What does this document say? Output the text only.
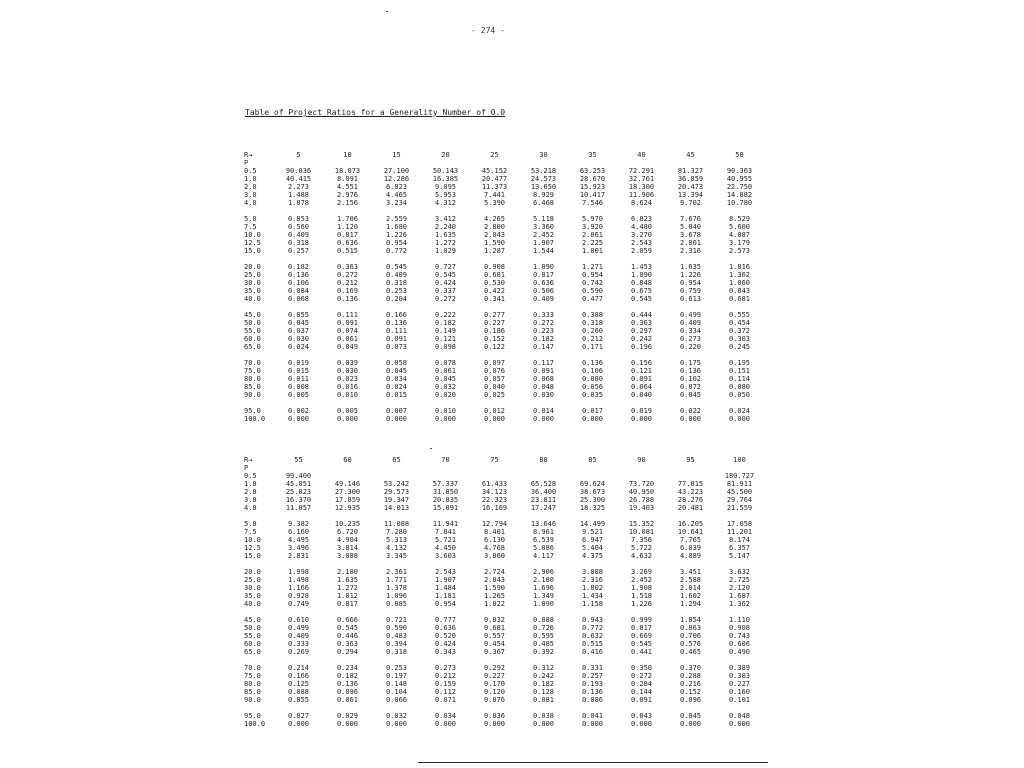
- 274 -
Table of Project Ratios for a Generality Number of 0.0
R→	5	10	15	20	25	30	35	40	45	50
P										
0.5	90.036	18.073	27.100	50.143	45.152	53.218	63.253	72.291	81.327	90.363
1.0	40.415	8.091	12.286	16.385	20.477	24.573	28.670	32.761	36.859	40.955
2.0	2.273	4.551	6.823	9.095	11.373	13.650	15.923	18.300	20.473	22.750
3.0	1.488	2.976	4.465	5.953	7.441	8.929	10.417	11.906	13.394	14.882
4.0	1.078	2.156	3.234	4.312	5.390	6.468	7.546	8.624	9.702	10.780

5.0	0.853	1.706	2.559	3.412	4.265	5.118	5.970	6.823	7.676	8.529
7.5	0.560	1.120	1.680	2.240	2.800	3.360	3.920	4.480	5.040	5.600
10.0	0.409	0.817	1.226	1.635	2.043	2.452	2.861	3.270	3.678	4.087
12.5	0.318	0.636	0.954	1.272	1.590	1.907	2.225	2.543	2.861	3.179
15.0	0.257	0.515	0.772	1.029	1.287	1.544	1.801	2.059	2.316	2.573

20.0	0.182	0.363	0.545	0.727	0.908	1.090	1.271	1.453	1.635	1.816
25.0	0.136	0.272	0.409	0.545	0.681	0.817	0.954	1.090	1.226	1.362
30.0	0.106	0.212	0.318	0.424	0.530	0.636	0.742	0.848	0.954	1.060
35.0	0.084	0.169	0.253	0.337	0.422	0.506	0.590	0.675	0.759	0.843
40.0	0.068	0.136	0.204	0.272	0.341	0.409	0.477	0.545	0.613	0.681

45.0	0.055	0.111	0.166	0.222	0.277	0.333	0.388	0.444	0.499	0.555
50.0	0.045	0.091	0.136	0.182	0.227	0.272	0.318	0.363	0.409	0.454
55.0	0.037	0.074	0.111	0.149	0.186	0.223	0.260	0.297	0.334	0.372
60.0	0.030	0.061	0.091	0.121	0.152	0.182	0.212	0.242	0.273	0.303
65.0	0.024	0.049	0.073	0.098	0.122	0.147	0.171	0.196	0.220	0.245

70.0	0.019	0.039	0.058	0.078	0.097	0.117	0.136	0.156	0.175	0.195
75.0	0.015	0.030	0.045	0.061	0.076	0.091	0.106	0.121	0.136	0.151
80.0	0.011	0.023	0.034	0.045	0.057	0.068	0.080	0.091	0.102	0.114
85.0	0.008	0.016	0.024	0.032	0.040	0.048	0.056	0.064	0.072	0.080
90.0	0.005	0.010	0.015	0.020	0.025	0.030	0.035	0.040	0.045	0.050

95.0	0.002	0.005	0.007	0.010	0.012	0.014	0.017	0.019	0.022	0.024
100.0	0.000	0.000	0.000	0.000	0.000	0.000	0.000	0.000	0.000	0.000
R→	55	60	65	70	75	80	85	90	95	100
P										
0.5	99.400									180.727
1.0	45.051	49.146	53.242	57.337	61.433	65.528	69.624	73.720	77.815	81.911
2.0	25.023	27.300	29.573	31.850	34.123	36.400	38.673	40.950	43.223	45.500
3.0	16.370	17.859	19.347	20.835	22.323	23.811	25.300	26.788	28.276	29.764
4.0	11.857	12.935	14.013	15.091	16.169	17.247	18.325	19.403	20.481	21.559

5.0	9.382	10.235	11.088	11.941	12.794	13.646	14.499	15.352	16.205	17.058
7.5	6.160	6.720	7.280	7.841	8.401	8.961	9.521	10.081	10.641	11.201
10.0	4.495	4.904	5.313	5.721	6.130	6.539	6.947	7.356	7.765	8.174
12.5	3.496	3.814	4.132	4.450	4.768	5.086	5.404	5.722	6.039	6.357
15.0	2.831	3.088	3.345	3.603	3.860	4.117	4.375	4.632	4.889	5.147

20.0	1.998	2.180	2.361	2.543	2.724	2.906	3.088	3.269	3.451	3.632
25.0	1.498	1.635	1.771	1.907	2.043	2.180	2.316	2.452	2.588	2.725
30.0	1.166	1.272	1.378	1.484	1.590	1.696	1.802	1.908	2.014	2.120
35.0	0.928	1.012	1.096	1.181	1.265	1.349	1.434	1.518	1.602	1.687
40.0	0.749	0.817	0.885	0.954	1.022	1.090	1.158	1.226	1.294	1.362

45.0	0.610	0.666	0.721	0.777	0.832	0.888	0.943	0.999	1.054	1.110
50.0	0.499	0.545	0.590	0.636	0.681	0.726	0.772	0.817	0.863	0.908
55.0	0.409	0.446	0.483	0.520	0.557	0.595	0.632	0.669	0.706	0.743
60.0	0.333	0.363	0.394	0.424	0.454	0.485	0.515	0.545	0.576	0.606
65.0	0.269	0.294	0.318	0.343	0.367	0.392	0.416	0.441	0.465	0.490

70.0	0.214	0.234	0.253	0.273	0.292	0.312	0.331	0.350	0.370	0.389
75.0	0.166	0.182	0.197	0.212	0.227	0.242	0.257	0.272	0.288	0.303
80.0	0.125	0.136	0.148	0.159	0.170	0.182	0.193	0.204	0.216	0.227
85.0	0.088	0.096	0.104	0.112	0.120	0.128	0.136	0.144	0.152	0.160
90.0	0.055	0.061	0.066	0.071	0.076	0.081	0.086	0.091	0.096	0.101

95.0	0.027	0.029	0.032	0.034	0.036	0.038	0.041	0.043	0.045	0.048
100.0	0.000	0.000	0.000	0.000	0.000	0.000	0.000	0.000	0.000	0.000
